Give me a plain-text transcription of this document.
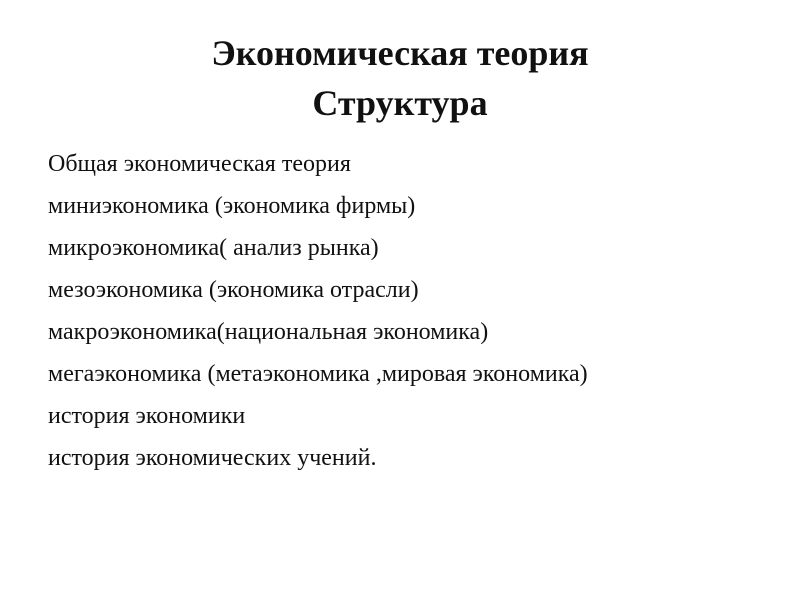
Экономическая теория
Структура
Общая экономическая теория
миниэкономика (экономика фирмы)
микроэкономика( анализ рынка)
мезоэкономика (экономика отрасли)
макроэкономика(национальная экономика)
мегаэкономика (метаэкономика ,мировая экономика)
история экономики
история экономических учений.
